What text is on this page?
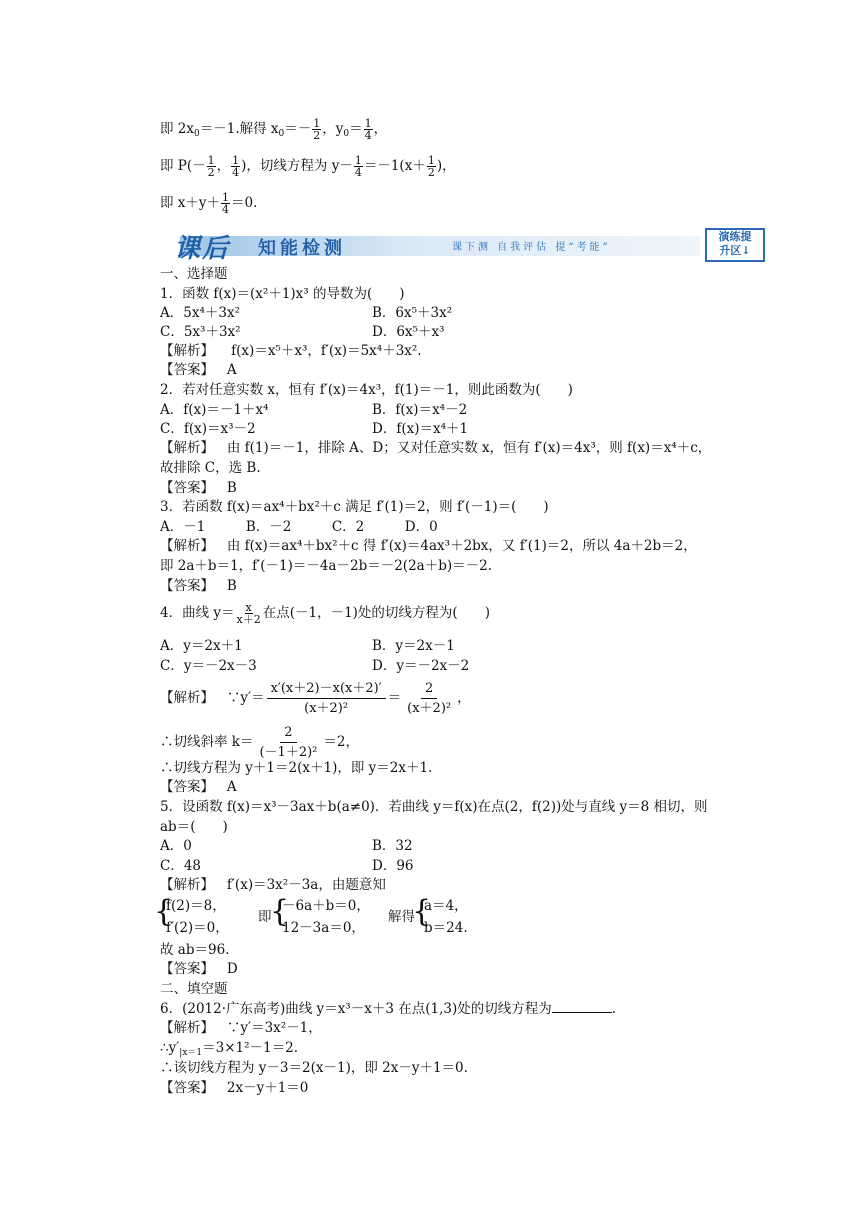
即 $2x_0=-1$.解得 $x_0=- \frac{1}{2}$ ，$y_0= \frac{1}{4}$ ，
即 $P(- \frac{1}{2}$ ， $\frac{1}{4}$ )，切线方程为 $y- \frac{1}{4} =-1(x+ \frac{1}{2}$ )，
即 $x+y+ \frac{1}{4} =0$.
课后 知能检测	课下测 自我评估 提“考能”
演练提
升区↓
一、选择题
1．函数 f(x)＝(x²＋1)x³ 的导数为(　　)
A．5x⁴＋3x²	B．6x⁵＋3x²
C．5x³＋3x²	D．6x⁵＋x³
【解析】 f(x)＝x⁵＋x³，f′(x)＝5x⁴＋3x².
【答案】 A
2．若对任意实数 x，恒有 f′(x)＝4x³，f(1)＝－1，则此函数为(　　)
A．f(x)＝－1＋x⁴	B．f(x)＝x⁴－2
C．f(x)＝x³－2	D．f(x)＝x⁴＋1
【解析】 由 f(1)＝－1，排除 A、D；又对任意实数 x，恒有 f′(x)＝4x³，则 f(x)＝x⁴＋c，
故排除 C，选 B.
【答案】 B
3．若函数 f(x)＝ax⁴＋bx²＋c 满足 f′(1)＝2，则 f′(－1)＝(　　)
A．－1　　　B．－2　　　C．2　　　D．0
【解析】 由 f(x)＝ax⁴＋bx²＋c 得 f′(x)＝4ax³＋2bx，又 f′(1)＝2，所以 4a＋2b＝2，
即 2a＋b＝1，f′(－1)＝－4a－2b＝－2(2a＋b)＝－2.
【答案】 B
4．曲线 $y= \frac{x}{x+2}$ 在点(－1，－1)处的切线方程为(　　)
A．y＝2x＋1	B．y＝2x－1
C．y＝－2x－3	D．y＝－2x－2
【解析】 ∵y′＝ $\frac{x'(x+2)-x(x+2)'}{\text{(x＋2)²}} = \frac{2}{\text{(x＋2)²}}$ ，
∴切线斜率 $k= \frac{2}{\text{(－1＋2)²}} =2$，
∴切线方程为 y＋1＝2(x＋1)，即 y＝2x＋1.
【答案】 A
5．设函数 f(x)＝x³－3ax＋b(a≠0)．若曲线 y＝f(x)在点(2，f(2))处与直线 y＝8 相切，则
ab＝(　　)
A．0	B．32
C．48	D．96
【解析】 f′(x)＝3x²－3a，由题意知
{
f(2)＝8，
f′(2)＝0，
即
{
－6a＋b＝0，
12－3a＝0，
解得
{
a＝4，
b＝24.
故 ab＝96.
【答案】 D
二、填空题
6．(2012·广东高考)曲线 y＝x³－x＋3 在点(1,3)处的切线方程为	.
【解析】 ∵y′＝3x²－1，
$\therefore y'_{|x=1}=3\times 1^2-1=2$.
∴该切线方程为 y－3＝2(x－1)，即 2x－y＋1＝0.
【答案】 2x－y＋1＝0
